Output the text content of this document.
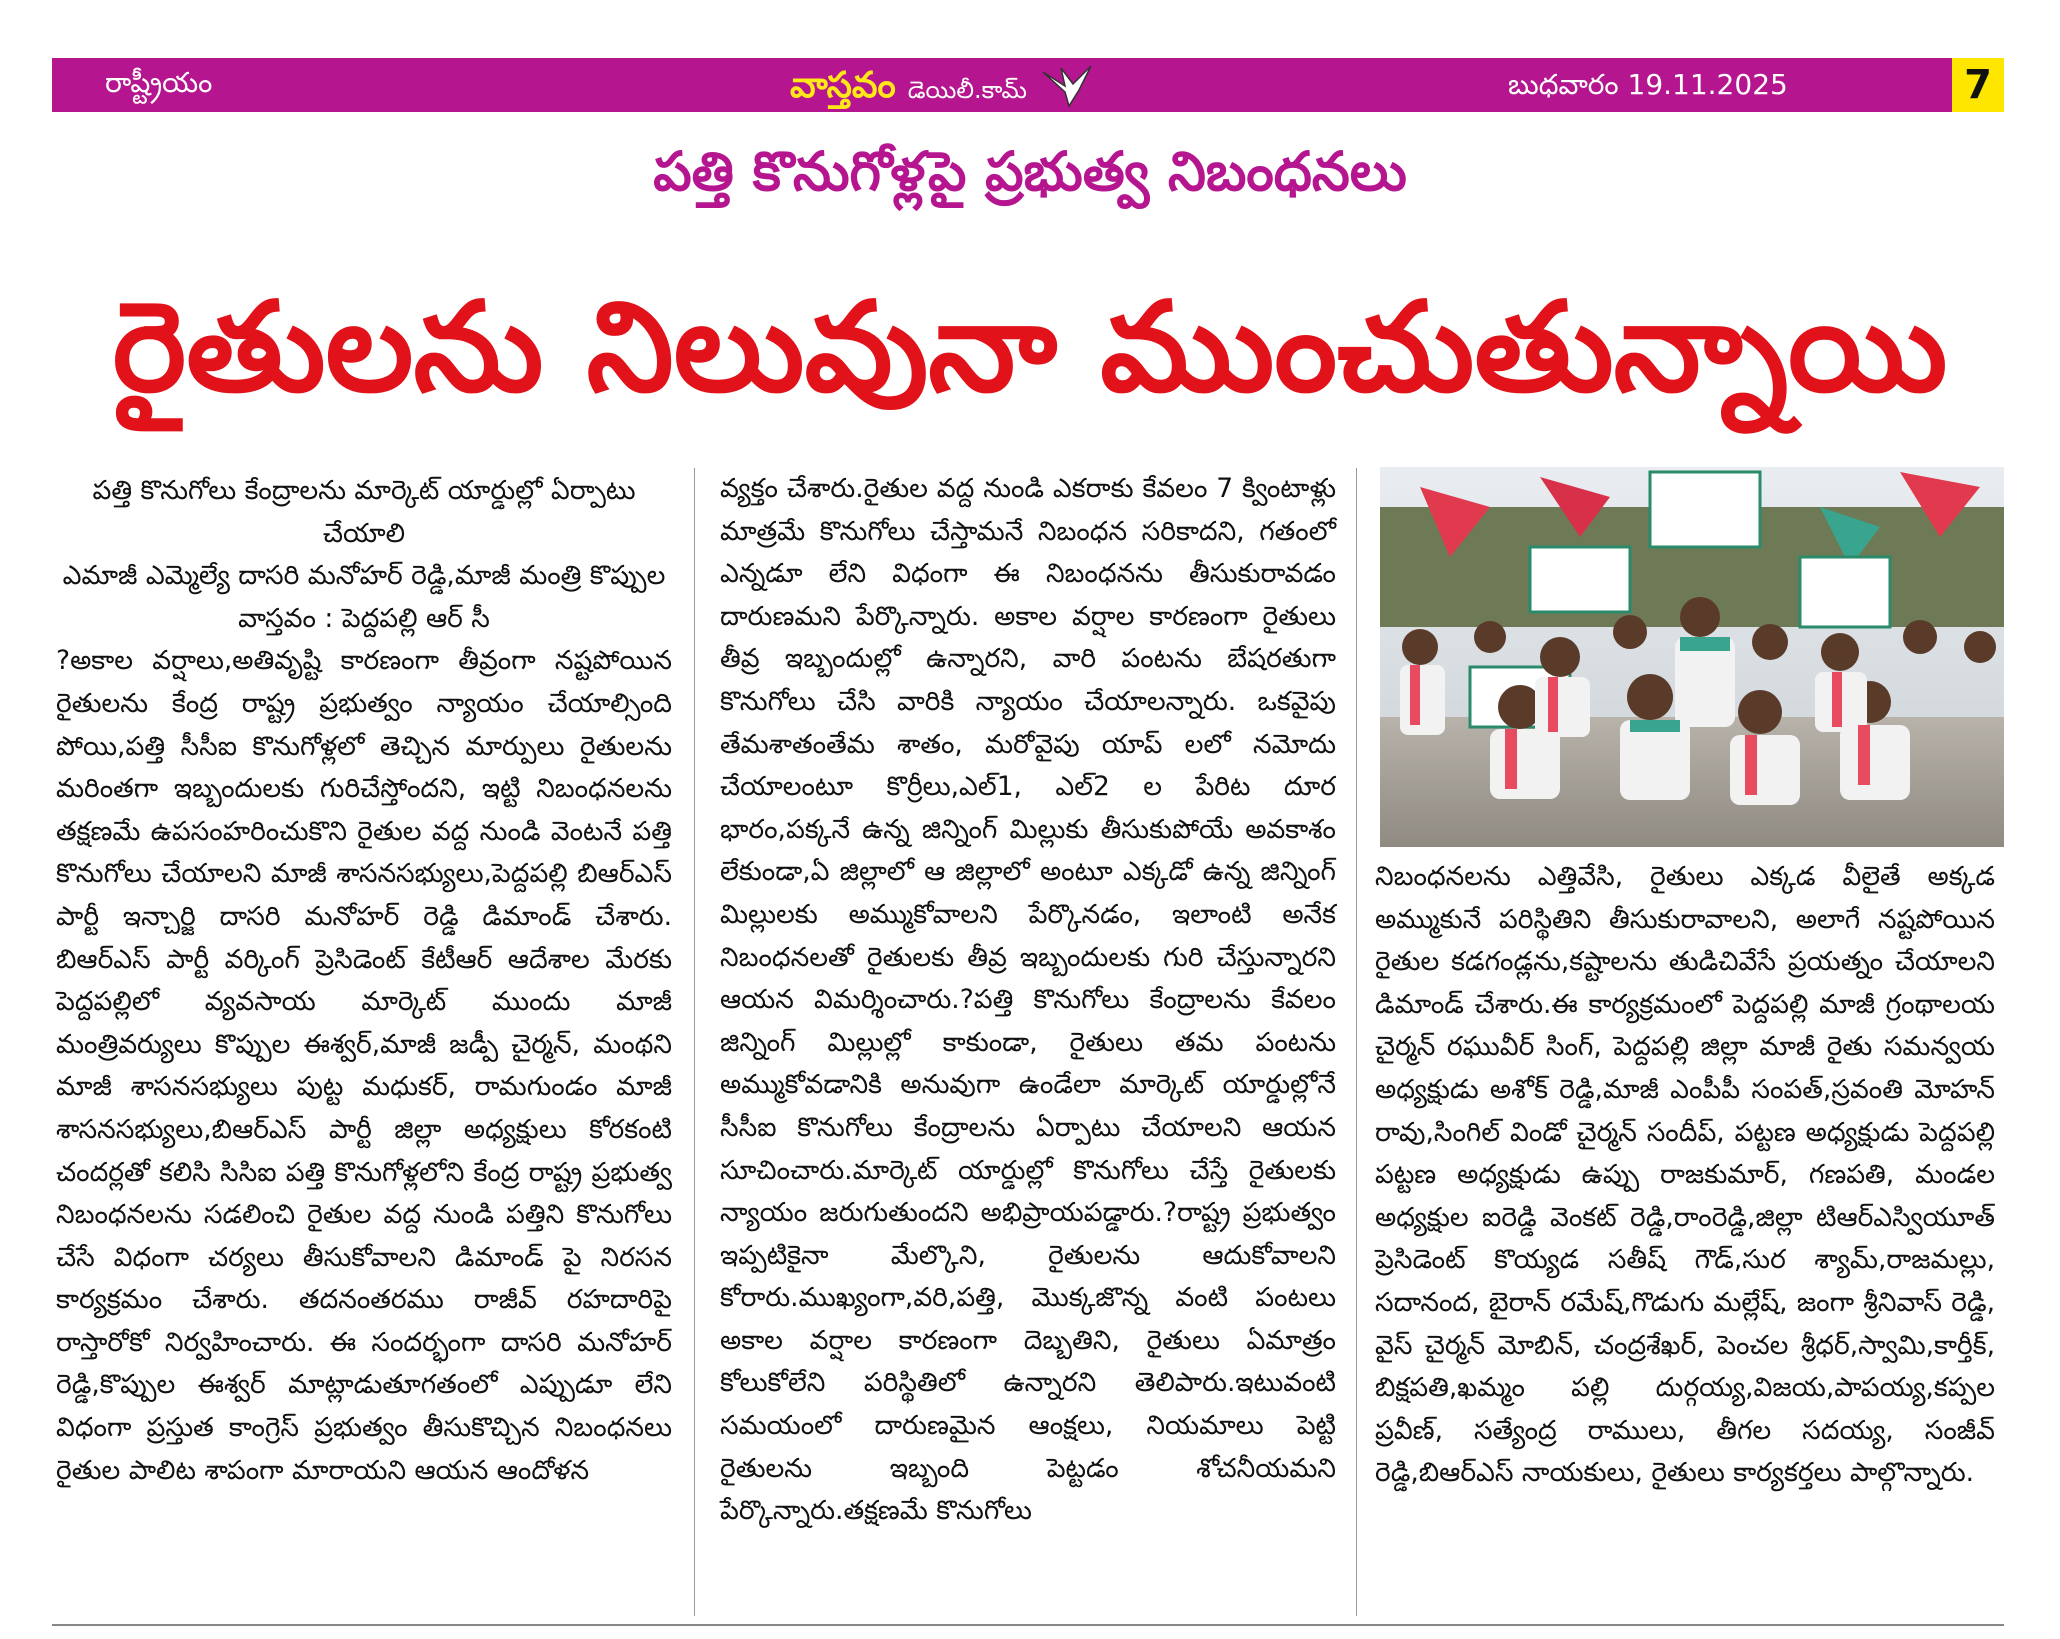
రాష్ట్రీయం	వాస్తవం డెయిలీ.కామ్	బుధవారం 19.11.2025	7
పత్తి కొనుగోళ్లపై ప్రభుత్వ నిబంధనలు
రైతులను నిలువునా ముంచుతున్నాయి
పత్తి కొనుగోలు కేంద్రాలను మార్కెట్ యార్డుల్లో ఏర్పాటు చేయాలి
ఎమాజీ ఎమ్మెల్యే దాసరి మనోహర్ రెడ్డి,మాజీ మంత్రి కొప్పుల
వాస్తవం : పెద్దపల్లి ఆర్ సీ

?అకాల వర్షాలు,అతివృష్టి కారణంగా తీవ్రంగా నష్టపోయిన రైతులను కేంద్ర రాష్ట్ర ప్రభుత్వం న్యాయం చేయాల్సింది పోయి,పత్తి సీసీఐ కొనుగోళ్లలో తెచ్చిన మార్పులు రైతులను మరింతగా ఇబ్బందులకు గురిచేస్తోందని, ఇట్టి నిబంధనలను తక్షణమే ఉపసంహరించుకొని రైతుల వద్ద నుండి వెంటనే పత్తి కొనుగోలు చేయాలని మాజీ శాసనసభ్యులు,పెద్దపల్లి బిఆర్ఎస్ పార్టీ ఇన్చార్జి దాసరి మనోహర్ రెడ్డి డిమాండ్ చేశారు. బిఆర్ఎస్ పార్టీ వర్కింగ్ ప్రెసిడెంట్ కేటీఆర్ ఆదేశాల మేరకు పెద్దపల్లిలో వ్యవసాయ మార్కెట్ ముందు మాజీ మంత్రివర్యులు కొప్పుల ఈశ్వర్,మాజీ జడ్పీ చైర్మన్, మంథని మాజీ శాసనసభ్యులు పుట్ట మధుకర్, రామగుండం మాజీ శాసనసభ్యులు,బిఆర్ఎస్ పార్టీ జిల్లా అధ్యక్షులు కోరకంటి చందర్లతో కలిసి సిసిఐ పత్తి కొనుగోళ్లలోని కేంద్ర రాష్ట్ర ప్రభుత్వ నిబంధనలను సడలించి రైతుల వద్ద నుండి పత్తిని కొనుగోలు చేసే విధంగా చర్యలు తీసుకోవాలని డిమాండ్ పై నిరసన కార్యక్రమం చేశారు. తదనంతరము రాజీవ్ రహదారిపై రాస్తారోకో నిర్వహించారు. ఈ సందర్భంగా దాసరి మనోహర్ రెడ్డి,కొప్పుల ఈశ్వర్ మాట్లాడుతూగతంలో ఎప్పుడూ లేని విధంగా ప్రస్తుత కాంగ్రెస్ ప్రభుత్వం తీసుకొచ్చిన నిబంధనలు రైతుల పాలిట శాపంగా మారాయని ఆయన ఆందోళన

వ్యక్తం చేశారు.రైతుల వద్ద నుండి ఎకరాకు కేవలం 7 క్వింటాళ్లు మాత్రమే కొనుగోలు చేస్తామనే నిబంధన సరికాదని, గతంలో ఎన్నడూ లేని విధంగా ఈ నిబంధనను తీసుకురావడం దారుణమని పేర్కొన్నారు. అకాల వర్షాల కారణంగా రైతులు తీవ్ర ఇబ్బందుల్లో ఉన్నారని, వారి పంటను బేషరతుగా కొనుగోలు చేసి వారికి న్యాయం చేయాలన్నారు. ఒకవైపు తేమశాతంతేమ శాతం, మరోవైపు యాప్ లలో నమోదు చేయాలంటూ కొర్రీలు,ఎల్1, ఎల్2 ల పేరిట దూర భారం,పక్కనే ఉన్న జిన్నింగ్ మిల్లుకు తీసుకుపోయే అవకాశం లేకుండా,ఏ జిల్లాలో ఆ జిల్లాలో అంటూ ఎక్కడో ఉన్న జిన్నింగ్ మిల్లులకు అమ్ముకోవాలని పేర్కొనడం, ఇలాంటి అనేక నిబంధనలతో రైతులకు తీవ్ర ఇబ్బందులకు గురి చేస్తున్నారని ఆయన విమర్శించారు.?పత్తి కొనుగోలు కేంద్రాలను కేవలం జిన్నింగ్ మిల్లుల్లో కాకుండా, రైతులు తమ పంటను అమ్ముకోవడానికి అనువుగా ఉండేలా మార్కెట్ యార్డుల్లోనే సీసీఐ కొనుగోలు కేంద్రాలను ఏర్పాటు చేయాలని ఆయన సూచించారు.మార్కెట్ యార్డుల్లో కొనుగోలు చేస్తే రైతులకు న్యాయం జరుగుతుందని అభిప్రాయపడ్డారు.?రాష్ట్ర ప్రభుత్వం ఇప్పటికైనా మేల్కొని, రైతులను ఆదుకోవాలని కోరారు.ముఖ్యంగా,వరి,పత్తి, మొక్కజొన్న వంటి పంటలు అకాల వర్షాల కారణంగా దెబ్బతిని, రైతులు ఏమాత్రం కోలుకోలేని పరిస్థితిలో ఉన్నారని తెలిపారు.ఇటువంటి సమయంలో దారుణమైన ఆంక్షలు, నియమాలు పెట్టి రైతులను ఇబ్బంది పెట్టడం శోచనీయమని పేర్కొన్నారు.తక్షణమే కొనుగోలు

నిబంధనలను ఎత్తివేసి, రైతులు ఎక్కడ వీలైతే అక్కడ అమ్ముకునే పరిస్థితిని తీసుకురావాలని, అలాగే నష్టపోయిన రైతుల కడగండ్లను,కష్టాలను తుడిచివేసే ప్రయత్నం చేయాలని డిమాండ్ చేశారు.ఈ కార్యక్రమంలో పెద్దపల్లి మాజీ గ్రంథాలయ చైర్మన్ రఘువీర్ సింగ్, పెద్దపల్లి జిల్లా మాజీ రైతు సమన్వయ అధ్యక్షుడు అశోక్ రెడ్డి,మాజీ ఎంపీపీ సంపత్,స్రవంతి మోహన్ రావు,సింగిల్ విండో చైర్మన్ సందీప్, పట్టణ అధ్యక్షుడు పెద్దపల్లి పట్టణ అధ్యక్షుడు ఉప్పు రాజకుమార్, గణపతి, మండల అధ్యక్షుల ఐరెడ్డి వెంకట్ రెడ్డి,రాంరెడ్డి,జిల్లా టిఆర్ఎస్వియూత్ ప్రెసిడెంట్ కొయ్యడ సతీష్ గౌడ్,సుర శ్యామ్,రాజమల్లు, సదానంద, బైరాన్ రమేష్,గొడుగు మల్లేష్, జంగా శ్రీనివాస్ రెడ్డి, వైస్ చైర్మన్ మోబిన్, చంద్రశేఖర్, పెంచల శ్రీధర్,స్వామి,కార్తీక్, బిక్షపతి,ఖమ్మం పల్లి దుర్గయ్య,విజయ,పాపయ్య,కప్పల ప్రవీణ్, సత్యేంద్ర రాములు, తీగల సదయ్య, సంజీవ్ రెడ్డి,బిఆర్ఎస్ నాయకులు, రైతులు కార్యకర్తలు పాల్గొన్నారు.
